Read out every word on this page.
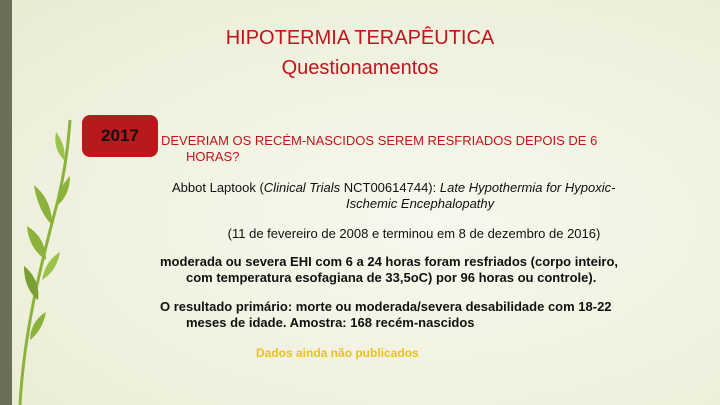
HIPOTERMIA TERAPÊUTICA
Questionamentos
2017	DEVERIAM OS RECÉM-NASCIDOS SEREM RESFRIADOS DEPOIS DE 6
HORAS?
Abbot Laptook (Clinical Trials NCT00614744): Late Hypothermia for Hypoxic-
Ischemic Encephalopathy
(11 de fevereiro de 2008 e terminou em 8 de dezembro de 2016)
moderada ou severa EHI com 6 a 24 horas foram resfriados (corpo inteiro,
com temperatura esofagiana de 33,5oC) por 96 horas ou controle).
O resultado primário: morte ou moderada/severa desabilidade com 18-22
meses de idade. Amostra: 168 recém-nascidos
Dados ainda não publicados
